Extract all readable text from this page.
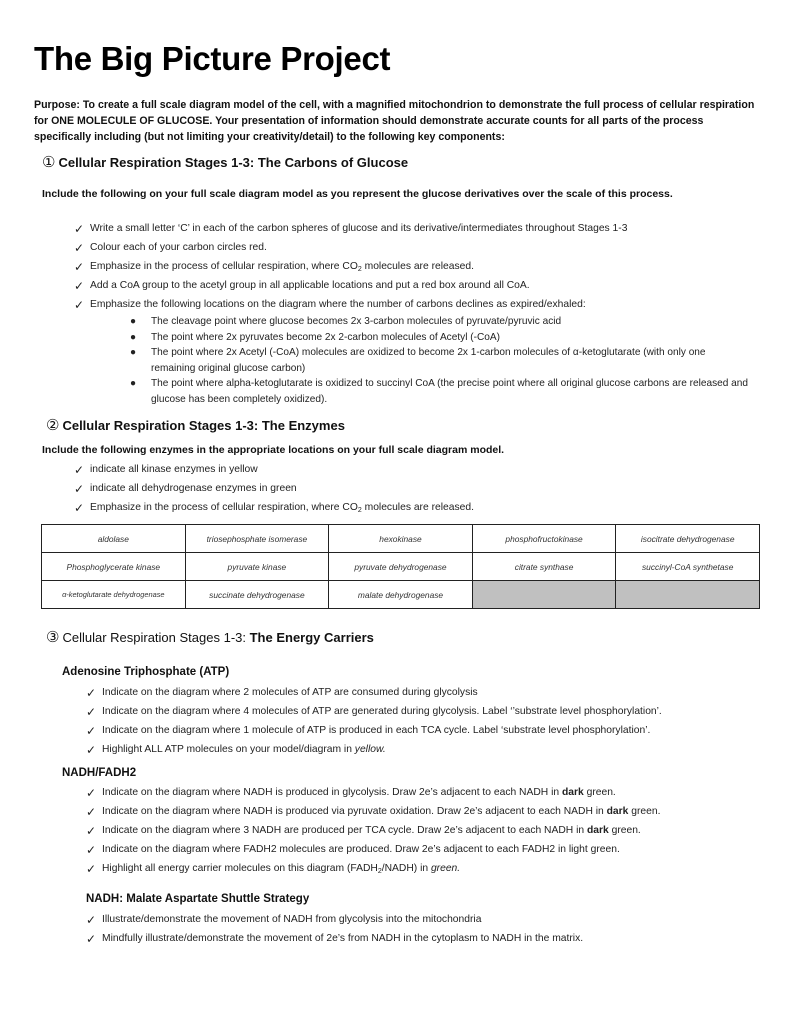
The Big Picture Project

Purpose: To create a full scale diagram model of the cell, with a magnified mitochondrion to demonstrate the full process of cellular respiration for ONE MOLECULE OF GLUCOSE. Your presentation of information should demonstrate accurate counts for all parts of the process specifically including (but not limiting your creativity/detail) to the following key components:

① Cellular Respiration Stages 1-3: The Carbons of Glucose

Include the following on your full scale diagram model as you represent the glucose derivatives over the scale of this process.

✓ Write a small letter ‘C’ in each of the carbon spheres of glucose and its derivative/intermediates throughout Stages 1-3
✓ Colour each of your carbon circles red.
✓ Emphasize in the process of cellular respiration, where $CO_2$ molecules are released.
✓ Add a CoA group to the acetyl group in all applicable locations and put a red box around all CoA.
✓ Emphasize the following locations on the diagram where the number of carbons declines as expired/exhaled:
● The cleavage point where glucose becomes 2x 3-carbon molecules of pyruvate/pyruvic acid
● The point where 2x pyruvates become 2x 2-carbon molecules of Acetyl (-CoA)
● The point where 2x Acetyl (-CoA) molecules are oxidized to become 2x 1-carbon molecules of α-ketoglutarate (with only one remaining original glucose carbon)
● The point where alpha-ketoglutarate is oxidized to succinyl CoA (the precise point where all original glucose carbons are released and glucose has been completely oxidized).

② Cellular Respiration Stages 1-3: The Enzymes

Include the following enzymes in the appropriate locations on your full scale diagram model.

✓ indicate all kinase enzymes in yellow
✓ indicate all dehydrogenase enzymes in green
✓ Emphasize in the process of cellular respiration, where $CO_2$ molecules are released.
aldolase	triosephosphate isomerase	hexokinase	phosphofructokinase	isocitrate dehydrogenase
Phosphoglycerate kinase	pyruvate kinase	pyruvate dehydrogenase	citrate synthase	succinyl-CoA synthetase
α-ketoglutarate dehydrogenase	succinate dehydrogenase	malate dehydrogenase		

③ Cellular Respiration Stages 1-3: The Energy Carriers

Adenosine Triphosphate (ATP)

✓ Indicate on the diagram where 2 molecules of ATP are consumed during glycolysis
✓ Indicate on the diagram where 4 molecules of ATP are generated during glycolysis. Label ‘’substrate level phosphorylation’.
✓ Indicate on the diagram where 1 molecule of ATP is produced in each TCA cycle. Label ‘substrate level phosphorylation’.
✓ Highlight ALL ATP molecules on your model/diagram in yellow.

NADH/FADH2

✓ Indicate on the diagram where NADH is produced in glycolysis. Draw 2e’s adjacent to each NADH in dark green.
✓ Indicate on the diagram where NADH is produced via pyruvate oxidation. Draw 2e’s adjacent to each NADH in dark green.
✓ Indicate on the diagram where 3 NADH are produced per TCA cycle. Draw 2e’s adjacent to each NADH in dark green.
✓ Indicate on the diagram where FADH2 molecules are produced. Draw 2e’s adjacent to each FADH2 in light green.
✓ Highlight all energy carrier molecules on this diagram $(FADH_2/NADH)$ in green.

NADH: Malate Aspartate Shuttle Strategy

✓ Illustrate/demonstrate the movement of NADH from glycolysis into the mitochondria
✓ Mindfully illustrate/demonstrate the movement of 2e’s from NADH in the cytoplasm to NADH in the matrix.
